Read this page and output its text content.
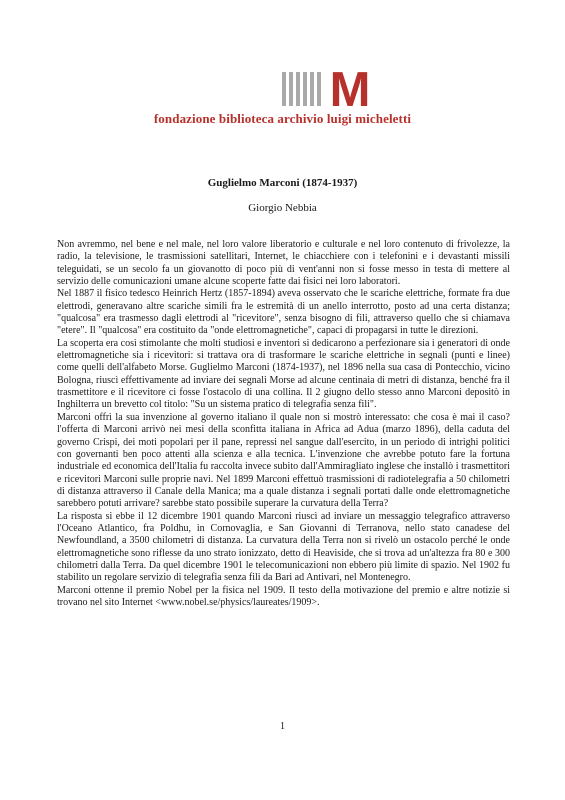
M
fondazione biblioteca archivio luigi micheletti
Guglielmo Marconi (1874-1937)
Giorgio Nebbia

Non avremmo, nel bene e nel male, nel loro valore liberatorio e culturale e nel loro contenuto di frivolezze, la radio, la televisione, le trasmissioni satellitari, Internet, le chiacchiere con i telefonini e i devastanti missili teleguidati, se un secolo fa un giovanotto di poco più di vent'anni non si fosse messo in testa di mettere al servizio delle comunicazioni umane alcune scoperte fatte dai fisici nei loro laboratori.

Nel 1887 il fisico tedesco Heinrich Hertz (1857-1894) aveva osservato che le scariche elettriche, formate fra due elettrodi, generavano altre scariche simili fra le estremità di un anello interrotto, posto ad una certa distanza; "qualcosa" era trasmesso dagli elettrodi al "ricevitore", senza bisogno di fili, attraverso quello che si chiamava "etere". Il "qualcosa" era costituito da "onde elettromagnetiche", capaci di propagarsi in tutte le direzioni.

La scoperta era così stimolante che molti studiosi e inventori si dedicarono a perfezionare sia i generatori di onde elettromagnetiche sia i ricevitori: si trattava ora di trasformare le scariche elettriche in segnali (punti e linee) come quelli dell'alfabeto Morse. Guglielmo Marconi (1874-1937), nel 1896 nella sua casa di Pontecchio, vicino Bologna, riuscì effettivamente ad inviare dei segnali Morse ad alcune centinaia di metri di distanza, benché fra il trasmettitore e il ricevitore ci fosse l'ostacolo di una collina. Il 2 giugno dello stesso anno Marconi depositò in Inghilterra un brevetto col titolo: "Su un sistema pratico di telegrafia senza fili".

Marconi offrì la sua invenzione al governo italiano il quale non si mostrò interessato: che cosa è mai il caso? l'offerta di Marconi arrivò nei mesi della sconfitta italiana in Africa ad Adua (marzo 1896), della caduta del governo Crispi, dei moti popolari per il pane, repressi nel sangue dall'esercito, in un periodo di intrighi politici con governanti ben poco attenti alla scienza e alla tecnica. L'invenzione che avrebbe potuto fare la fortuna industriale ed economica dell'Italia fu raccolta invece subito dall'Ammiragliato inglese che installò i trasmettitori e ricevitori Marconi sulle proprie navi. Nel 1899 Marconi effettuò trasmissioni di radiotelegrafia a 50 chilometri di distanza attraverso il Canale della Manica; ma a quale distanza i segnali portati dalle onde elettromagnetiche sarebbero potuti arrivare? sarebbe stato possibile superare la curvatura della Terra?

La risposta si ebbe il 12 dicembre 1901 quando Marconi riuscì ad inviare un messaggio telegrafico attraverso l'Oceano Atlantico, fra Poldhu, in Cornovaglia, e San Giovanni di Terranova, nello stato canadese del Newfoundland, a 3500 chilometri di distanza. La curvatura della Terra non si rivelò un ostacolo perché le onde elettromagnetiche sono riflesse da uno strato ionizzato, detto di Heaviside, che si trova ad un'altezza fra 80 e 300 chilometri dalla Terra. Da quel dicembre 1901 le telecomunicazioni non ebbero più limite di spazio. Nel 1902 fu stabilito un regolare servizio di telegrafia senza fili da Bari ad Antivari, nel Montenegro.

Marconi ottenne il premio Nobel per la fisica nel 1909. Il testo della motivazione del premio e altre notizie si trovano nel sito Internet <www.nobel.se/physics/laureates/1909>.

1
